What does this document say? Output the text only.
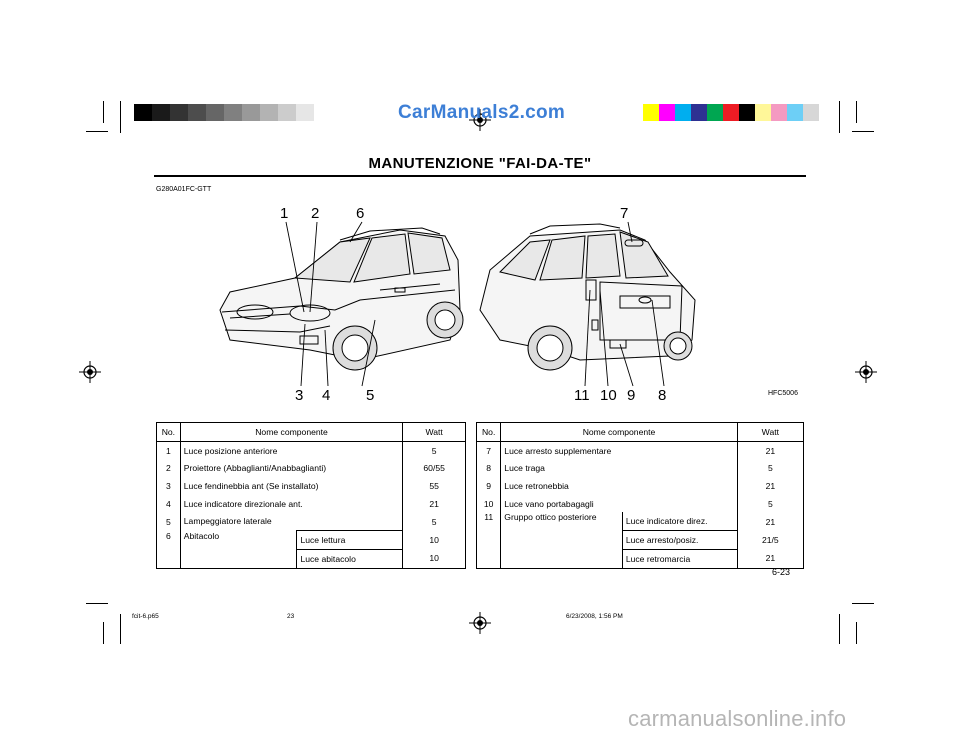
CarManuals2.com
MANUTENZIONE "FAI-DA-TE"
G280A01FC-GTT
1 2 6
3 4 5
7
11 10 9 8	HFC5006
No.	Nome componente		Watt
1	Luce posizione anteriore		5
2	Proiettore (Abbaglianti/Anabbaglianti)		60/55
3	Luce fendinebbia ant (Se installato)		55
4	Luce indicatore direzionale ant.		21
5	Lampeggiatore laterale		5
6	Abitacolo	Luce lettura	10
		Luce abitacolo	10
No.	Nome componente		Watt
7	Luce arresto supplementare		21
8	Luce traga		5
9	Luce retronebbia		21
10	Luce vano portabagagli		5
11	Gruppo ottico posteriore	Luce indicatore direz.	21
		Luce arresto/posiz.	21/5
		Luce retromarcia	21
6-23
fcit-6.p65	23	6/23/2008, 1:56 PM
carmanualsonline.info
